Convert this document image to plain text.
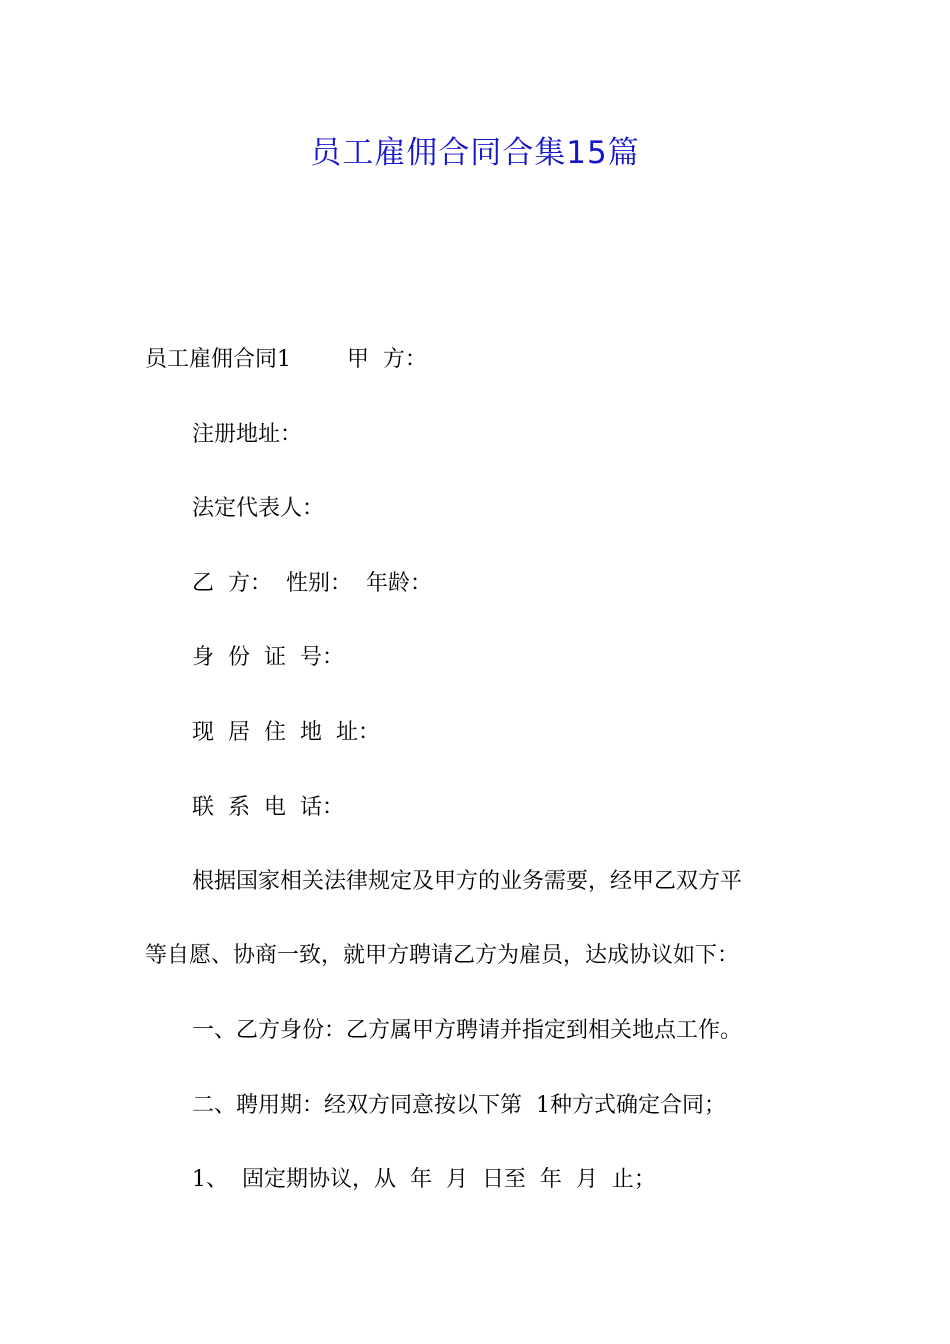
员工雇佣合同合集15篇
员工雇佣合同1        甲  方：
注册地址：
法定代表人：
乙  方：  性别：  年龄：
身  份  证  号：
现  居  住  地  址：
联  系  电  话：
根据国家相关法律规定及甲方的业务需要，经甲乙双方平
等自愿、协商一致，就甲方聘请乙方为雇员，达成协议如下：
一、乙方身份：乙方属甲方聘请并指定到相关地点工作。
二、聘用期：经双方同意按以下第  1种方式确定合同；
1、  固定期协议，从  年  月  日至  年  月  止；
